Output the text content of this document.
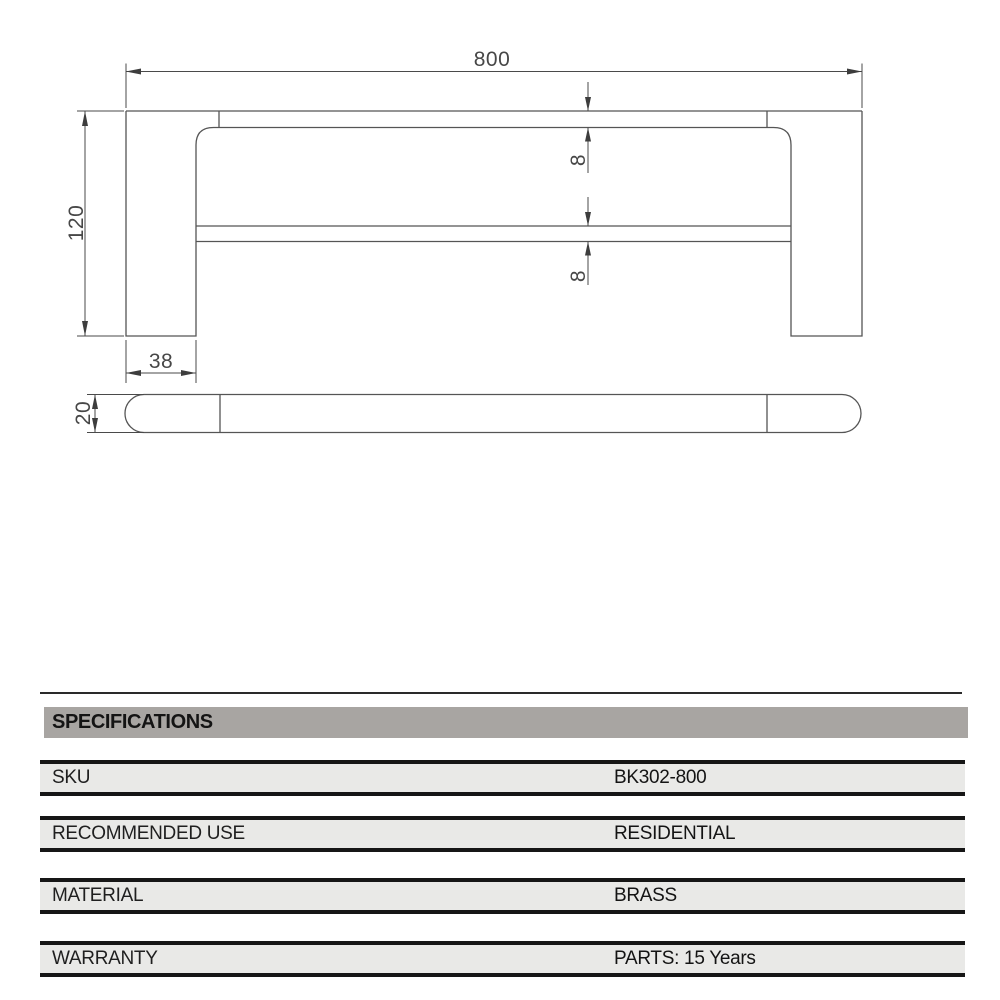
800
120
38
8
8
20
SPECIFICATIONS
SKU	BK302-800
RECOMMENDED USE	RESIDENTIAL
MATERIAL	BRASS
WARRANTY	PARTS: 15 Years
